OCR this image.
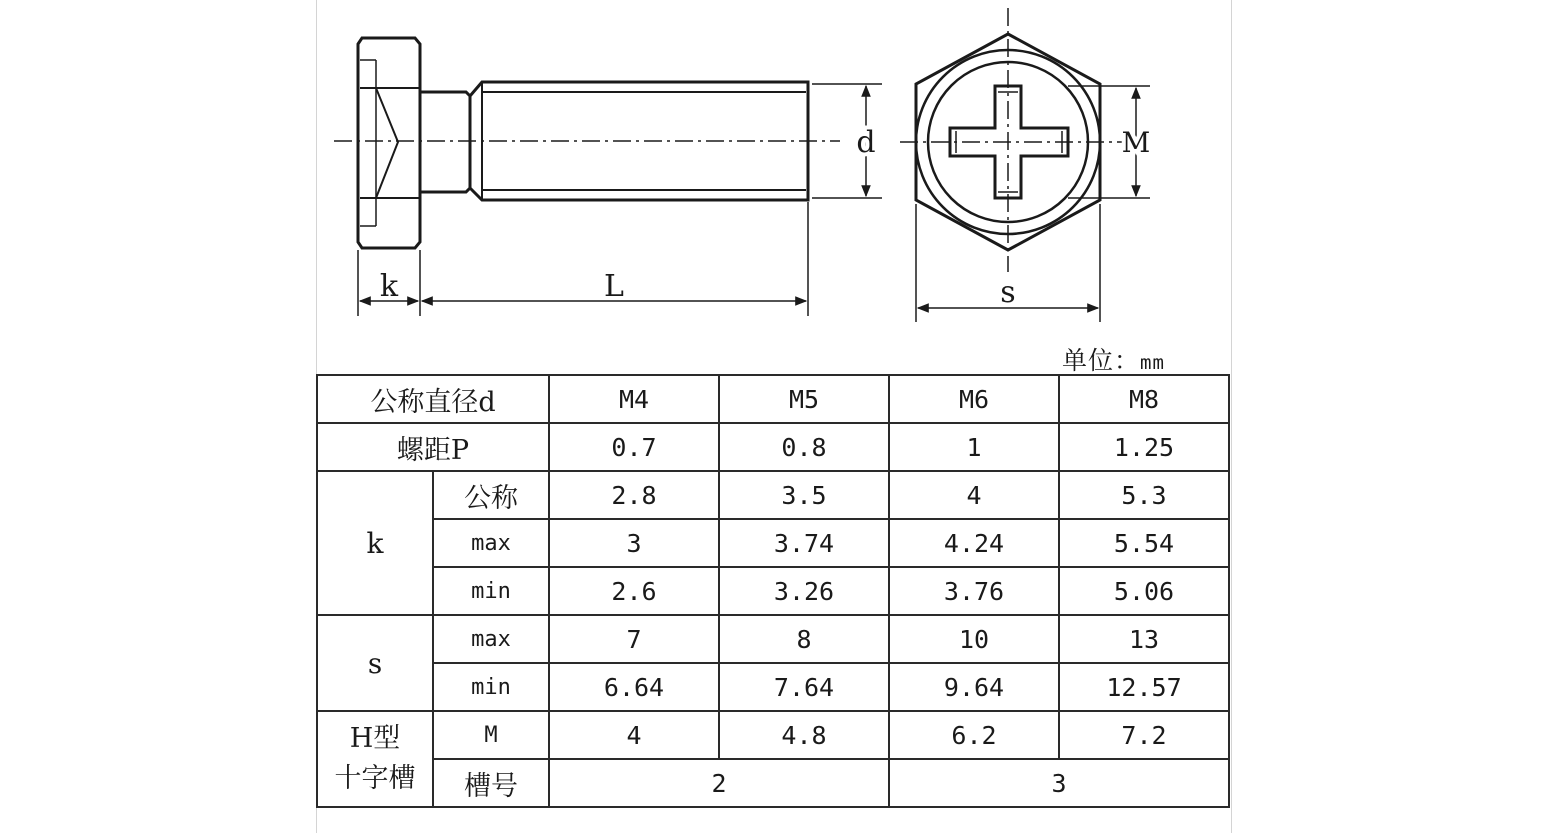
d
k	L
M
s
单位：mm
公称直径d		M4	M5	M6	M8
螺距P		0.7	0.8	1	1.25
k	公称	2.8	3.5	4	5.3
	max	3	3.74	4.24	5.54
	min	2.6	3.26	3.76	5.06
s	max	7	8	10	13
	min	6.64	7.64	9.64	12.57

H型
十字槽	M	4	4.8	6.2	7.2
	槽号	2		3	
